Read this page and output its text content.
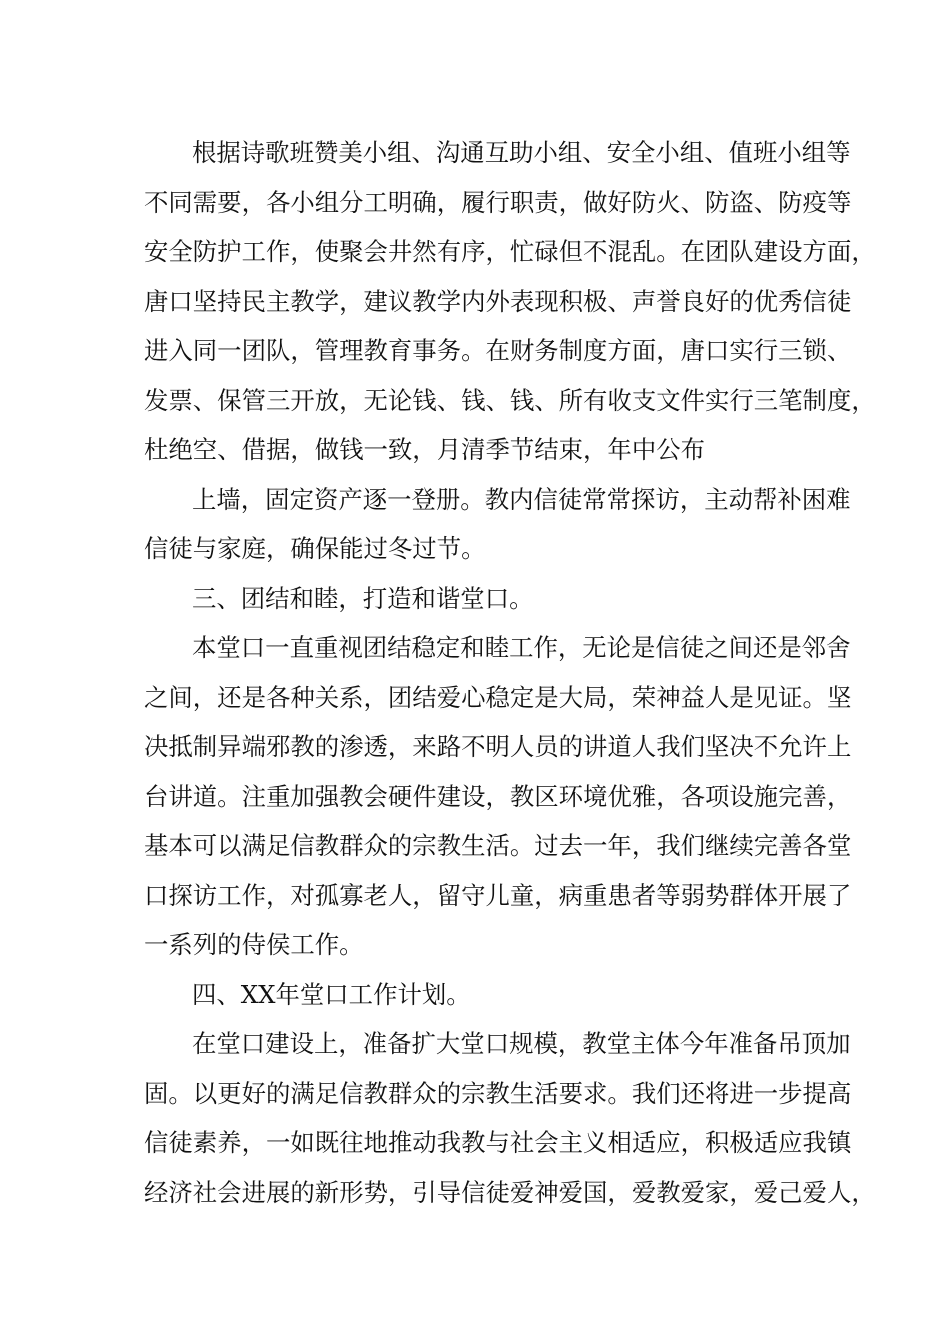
根据诗歌班赞美小组、沟通互助小组、安全小组、值班小组等
不同需要，各小组分工明确，履行职责，做好防火、防盗、防疫等
安全防护工作，使聚会井然有序，忙碌但不混乱。在团队建设方面，
唐口坚持民主教学，建议教学内外表现积极、声誉良好的优秀信徒
进入同一团队，管理教育事务。在财务制度方面，唐口实行三锁、
发票、保管三开放，无论钱、钱、钱、所有收支文件实行三笔制度，
杜绝空、借据，做钱一致，月清季节结束，年中公布
上墙，固定资产逐一登册。教内信徒常常探访，主动帮补困难
信徒与家庭，确保能过冬过节。
三、团结和睦，打造和谐堂口。
本堂口一直重视团结稳定和睦工作，无论是信徒之间还是邻舍
之间，还是各种关系，团结爱心稳定是大局，荣神益人是见证。坚
决抵制异端邪教的渗透，来路不明人员的讲道人我们坚决不允许上
台讲道。注重加强教会硬件建设，教区环境优雅，各项设施完善，
基本可以满足信教群众的宗教生活。过去一年，我们继续完善各堂
口探访工作，对孤寡老人，留守儿童，病重患者等弱势群体开展了
一系列的侍侯工作。
四、XX年堂口工作计划。
在堂口建设上，准备扩大堂口规模，教堂主体今年准备吊顶加
固。以更好的满足信教群众的宗教生活要求。我们还将进一步提高
信徒素养，一如既往地推动我教与社会主义相适应，积极适应我镇
经济社会进展的新形势，引导信徒爱神爱国，爱教爱家，爱己爱人，
